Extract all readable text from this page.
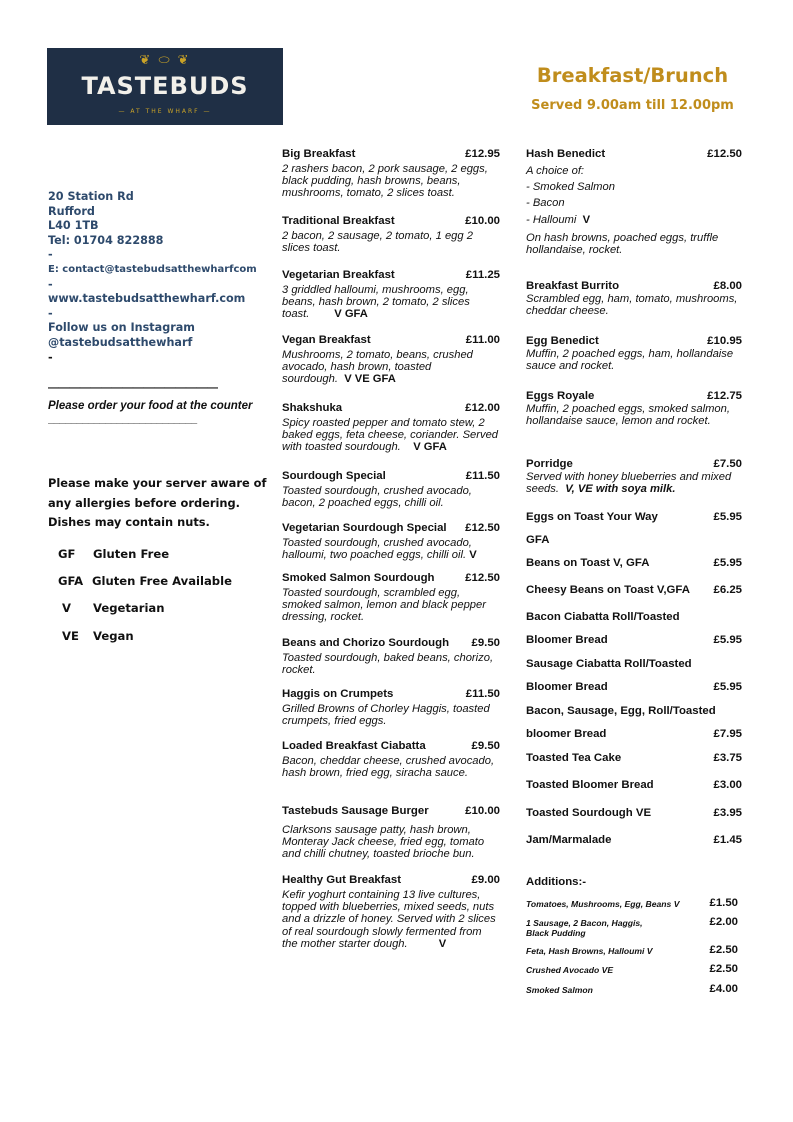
❦ ⬭ ❦
TASTEBUDS
— AT THE WHARF —
Breakfast/Brunch
Served 9.00am till 12.00pm
20 Station Rd
Rufford
L40 1TB
Tel: 01704 822888
-
E: contact@tastebudsatthewharfcom
-
www.tastebudsatthewharf.com
-
Follow us on Instagram
@tastebudsatthewharf
-
————————————————
Please order your food at the counter
__________________________
Please make your server aware of
any allergies before ordering.
Dishes may contain nuts.
GF	Gluten Free
GFA Gluten Free Available
V	Vegetarian
VE	Vegan
Big Breakfast	£12.95
2 rashers bacon, 2 pork sausage, 2 eggs, black pudding, hash browns, beans, mushrooms, tomato, 2 slices toast.
Traditional Breakfast	£10.00
2 bacon, 2 sausage, 2 tomato, 1 egg 2 slices toast.
Vegetarian Breakfast	£11.25
3 griddled halloumi, mushrooms, egg, beans, hash brown, 2 tomato, 2 slices toast. V GFA
Vegan Breakfast	£11.00
Mushrooms, 2 tomato, beans, crushed avocado, hash brown, toasted sourdough. V VE GFA
Shakshuka	£12.00
Spicy roasted pepper and tomato stew, 2 baked eggs, feta cheese, coriander. Served with toasted sourdough. V GFA
Sourdough Special	£11.50
Toasted sourdough, crushed avocado, bacon, 2 poached eggs, chilli oil.
Vegetarian Sourdough Special £12.50
Toasted sourdough, crushed avocado, halloumi, two poached eggs, chilli oil. V
Smoked Salmon Sourdough	£12.50
Toasted sourdough, scrambled egg, smoked salmon, lemon and black pepper dressing, rocket.
Beans and Chorizo Sourdough £9.50
Toasted sourdough, baked beans, chorizo, rocket.
Haggis on Crumpets	£11.50
Grilled Browns of Chorley Haggis, toasted crumpets, fried eggs.
Loaded Breakfast Ciabatta	£9.50
Bacon, cheddar cheese, crushed avocado, hash brown, fried egg, siracha sauce.
Tastebuds Sausage Burger	£10.00
Clarksons sausage patty, hash brown, Monteray Jack cheese, fried egg, tomato and chilli chutney, toasted brioche bun.
Healthy Gut Breakfast	£9.00
Kefir yoghurt containing 13 live cultures, topped with blueberries, mixed seeds, nuts and a drizzle of honey. Served with 2 slices of real sourdough slowly fermented from the mother starter dough.	V
Hash Benedict	£12.50
A choice of:
- Smoked Salmon
- Bacon
- Halloumi V
On hash browns, poached eggs, truffle hollandaise, rocket.
Breakfast Burrito	£8.00
Scrambled egg, ham, tomato, mushrooms, cheddar cheese.
Egg Benedict	£10.95
Muffin, 2 poached eggs, ham, hollandaise sauce and rocket.
Eggs Royale	£12.75
Muffin, 2 poached eggs, smoked salmon, hollandaise sauce, lemon and rocket.
Porridge	£7.50
Served with honey blueberries and mixed seeds. V, VE with soya milk.
Eggs on Toast Your Way	£5.95
GFA
Beans on Toast V, GFA	£5.95
Cheesy Beans on Toast V,GFA £6.25
Bacon Ciabatta Roll/Toasted
Bloomer Bread	£5.95
Sausage Ciabatta Roll/Toasted
Bloomer Bread	£5.95
Bacon, Sausage, Egg, Roll/Toasted
bloomer Bread	£7.95
Toasted Tea Cake	£3.75
Toasted Bloomer Bread	£3.00
Toasted Sourdough VE	£3.95
Jam/Marmalade	£1.45
Additions:-
Tomatoes, Mushrooms, Egg, Beans V	£1.50
1 Sausage, 2 Bacon, Haggis,
Black Pudding
£2.00
Feta, Hash Browns, Halloumi V	£2.50
Crushed Avocado VE	£2.50
Smoked Salmon	£4.00
